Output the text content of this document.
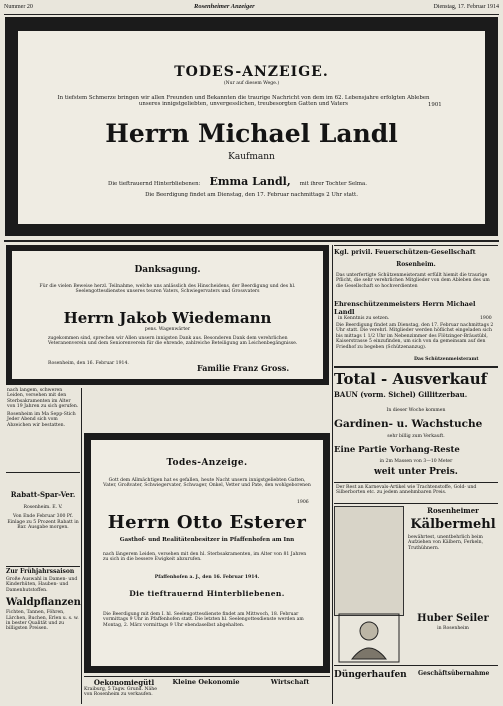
Nummer 20	Rosenheimer Anzeiger	Dienstag, 17. Februar 1914
TODES-ANZEIGE.
(Nur auf diesem Wege.)
In tiefstem Schmerze bringen wir allen Freunden und Bekannten die traurige Nachricht von dem im 62. Lebensjahre erfolgten Ableben unseres innigstgeliebten, unvergesslichen, treubesorgten Gatten und Vaters	1901
Herrn Michael Landl
Kaufmann
Die tieftrauernd Hinterbliebenen: Emma Landl, mit ihrer Tochter Selma.
Die Beerdigung findet am Dienstag, den 17. Februar nachmittags 2 Uhr statt.
Danksagung.
Für die vielen Beweise herzl. Teilnahme, welche uns anlässlich des Hinscheidens, der Beerdigung und des hl. Seelengottesdienstes unseres teuren Vaters, Schwiegervaters und Grossvaters
Herrn Jakob Wiedemann
pens. Wagenwärter
zugekommen sind, sprechen wir Allen unsern innigsten Dank aus. Besonderen Dank dem verehrlichen Veteranenverein und dem Seniorenverein für die ehrende, zahlreiche Beteiligung am Leichenbegängnisse.
Rosenheim, den 16. Februar 1914.	Familie Franz Gross.
nach langem, schweren Leiden, versehen mit den Sterbsakramenten im Alter von 19 Jahren zu sich gerufen.
Rosenheim im Ma Sepp-Stich Jeder Abend sich vom Abzeichen wir bestatten.
Rabatt-Spar-Ver.
Rosenheim. E. V.
Von Ende Februar 300 Pf. Einlage zu 5 Prozent Rabatt in Bar. Ausgabe morgen.
Zur Frühjahrssaison
Große Auswahl in Damen- und Kinderhüten, Hauben- und Damenhutstoffen.
Waldpflanzen
Fichten, Tannen, Föhren, Lärchen, Buchen, Erlen u. s. w. in bester Qualität und zu billigsten Preisen.
Todes-Anzeige.
Gott dem Allmächtigen hat es gefallen, heute Nacht unsern innigstgeliebten Gatten, Vater, Großvater, Schwiegervater, Schwager, Onkel, Vetter und Pate, den wohlgeborenen
1906
Herrn Otto Esterer
Gasthof- und Realitätenbesitzer in Pfaffenhofen am Inn
nach längerem Leiden, versehen mit den hl. Sterbsakramenten, im Alter von 81 Jahren zu sich in die bessere Ewigkeit abzurufen.
Pfaffenhofen a. J., den 16. Februar 1914.
Die tieftrauernd Hinterbliebenen.
Die Beerdigung mit dem I. hl. Seelengottesdienste findet am Mittwoch, 18. Februar vormittags 9 Uhr in Pfaffenhofen statt. Die letzten hl. Seelengottesdienste werden am Montag, 2. März vormittags 9 Uhr ebendaselbst abgehalten.
Oekonomiegütl
Kraiburg, 5 Tagw. Grund. Nähe von Rosenheim zu verkaufen.
Kleine Oekonomie	Wirtschaft
Kgl. privil. Feuerschützen-Gesellschaft
Rosenheim.
Das unterfertigte Schützenmeisteramt erfüllt hiemit die traurige Pflicht, die sehr verehrlichen Mitglieder von dem Ableben des um die Gesellschaft so hochverdienten
Ehrenschützenmeisters Herrn Michael Landl
in Kenntnis zu setzen.	1900
Die Beerdigung findet am Dienstag, den 17. Februar nachmittags 2 Uhr statt. Die verehrl. Mitglieder werden höflichst eingeladen sich bis mittags 1 1/2 Uhr im Nebenzimmer des Flötzinger-Bräustübl, Kaiserstrasse 5 einzufinden, um sich von da gemeinsam auf den Friedhof zu begeben (Schützenanzug).
Das Schützenmeisteramt
Total - Ausverkauf
BAUN (vorm. Sichel) Gillitzerbau.
In dieser Woche kommen
Gardinen- u. Wachstuche
sehr billig zum Verkauft.
Eine Partie Vorhang-Reste
in 2m Massen von 3—10 Meter
weit unter Preis.
Der Rest an Karnevals-Artikel wie Trachtenstoffe, Gold- und Silberborten etc. zu jedem annehmbaren Preis.
Rosenheimer
Kälbermehl
bewährtest, unentbehrlich beim Aufziehen von Kälbern, Ferkeln, Truthühnern.
Huber Seiler
in Rosenheim
Düngerhaufen	Geschäftsübernahme
